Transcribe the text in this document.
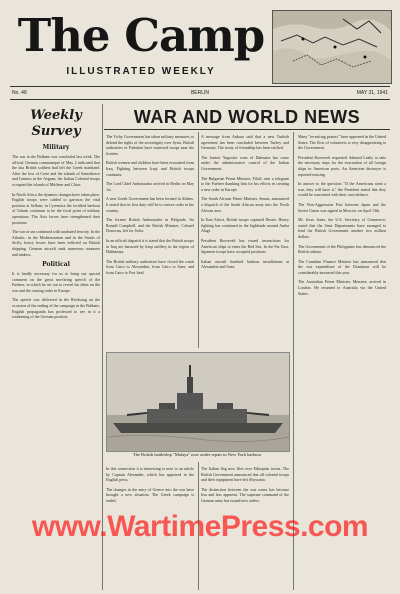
The Camp
ILLUSTRATED WEEKLY
No. 48	BERLIN	MAY 31, 1941
Weekly Survey
Military
The war in the Balkans was concluded last week. The official German communiqué of May 2 indicated that the last British soldiers had left the Greek mainland. After the loss of Crete and the islands of Samothrace and Lemnos in the Aegean, the Italian Colonial troops occupied the islands of Mitilene and Chios.
In North Africa the dynamic changes have taken place. English troops were cabled to garrison the vital position at Sollum; in Cyrenaica the fortified harbour of Tobruk continues to be the focal point of military operations. The Axis forces have strengthened their positions.
The war at sea continued with unabated ferocity. In the Atlantic, in the Mediterranean and in the Straits of Sicily, heavy losses have been inflicted on British shipping. German aircraft sank numerous steamers and tankers.
Political
It is hardly necessary for us to bring out special comment on the great sea-faring speech of the Fuehrer, in which he set out to reveal his ideas on the war and the coming order in Europe.
The speech was delivered in the Reichstag on the occasion of the ending of the campaign in the Balkans. English propaganda has professed to see in it a weakening of the German position.
WAR AND WORLD NEWS
The Vichy Government has taken military measures to defend the rights of the sovereignty over Syria. British authorities in Palestine have mustered troops near the frontier.
British women and children have been evacuated from Iraq. Fighting between Iraqi and British troops continues.
The Lord Chief Ambassador arrived in Berlin on May 1st.
A new Greek Government has been formed in Athens. It stated that its first duty will be to restore order in the country.
The former British Ambassador in Belgrade, Sir Ronald Campbell, and the British Minister, Colonel Donovan, left for Sofia.
In an official dispatch it is stated that the British troops in Iraq are harassed by Iraqi artillery in the region of Habbaniya.
The British military authorities have closed the roads from Cairo to Alexandria, from Cairo to Suez, and from Cairo to Port Said.
A message from Ankara said that a new Turkish agreement has been concluded between Turkey and Germany. The treaty of friendship has been ratified.
The former Yugoslav zone of Dalmatia has come under the administrative control of the Italian Government.
The Bulgarian Prime Minister, Filoff, sent a telegram to the Fuehrer thanking him for his efforts in creating a new order in Europe.
The South African Prime Minister, Smuts, announced a dispatch of the South African army into the North African area.
In East Africa, British troops captured Dessie. Heavy fighting has continued in the highlands around Amba Alagi.
President Roosevelt has issued instructions for American ships to enter the Red Sea. In the Far East, Japanese troops have occupied positions.
Italian aircraft bombed harbour installations at Alexandria and Suez.
Many "recruiting posters" have appeared in the United States. The flow of volunteers is very disappointing to the Government.
President Roosevelt requested Admiral Leahy to take the necessary steps for the evacuation of all foreign ships in American ports. An American destroyer is reported missing.
In answer to the question: "If the Americans want a war, they will have it," the President stated that they would be concerned with their own defence.
The Non-Aggression Pact between Japan and the Soviet Union was signed in Moscow on April 13th.
Mr. Jesse Jones, the U.S. Secretary of Commerce, stated that the State Departments have arranged to lend the British Government another two million dollars.
The Government of the Philippines has denounced the British airbase.
The Canadian Finance Minister has announced that the war expenditure of the Dominion will be considerably increased this year.
The Australian Prime Minister, Menzies, arrived in London. He returned to Australia via the United States.
The British battleship "Malaya" now under repair in New York harbour
In this connection it is interesting to note to an article by Captain Alexander, which has appeared in the English press.
The changes in the entry of Greece into the war have brought a new situation. The Greek campaign is ended.
The Italian flag now flies over Ethiopian towns. The British Government announced that all colonial troops and their equipment have left Abyssinia.
The distinction between the war zones has become less and less apparent. The supreme command of the German army has issued new orders.
www.WartimePress.com
